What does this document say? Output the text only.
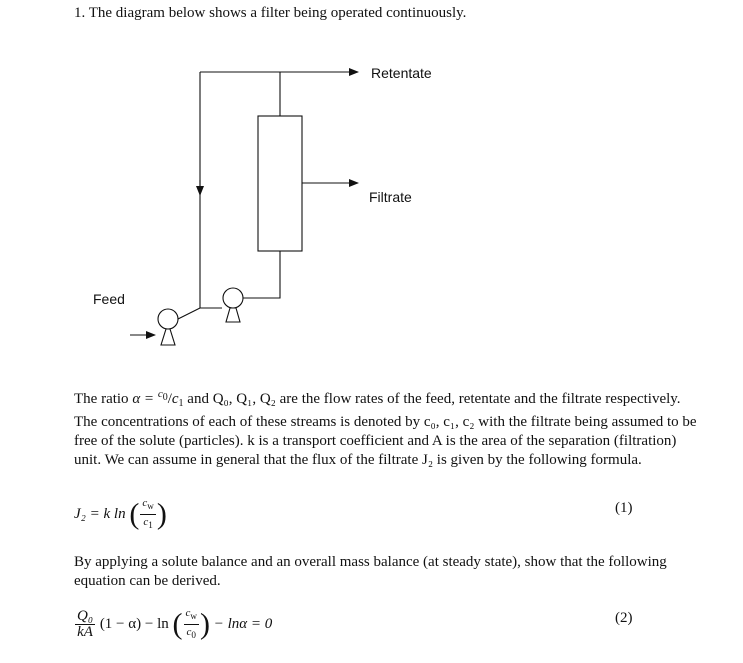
1. The diagram below shows a filter being operated continuously.
Retentate
Filtrate
Feed
The ratio $\alpha = ^{c0}/c_1$ and Q₀, Q₁, Q₂ are the flow rates of the feed, retentate and the filtrate respectively. The concentrations of each of these streams is denoted by c₀, c₁, c₂ with the filtrate being assumed to be free of the solute (particles). k is a transport coefficient and A is the area of the separation (filtration) unit. We can assume in general that the flux of the filtrate J₂ is given by the following formula.
J₂ = k ln ( $\frac{c_w}{c_1}$ )	(1)
By applying a solute balance and an overall mass balance (at steady state), show that the following equation can be derived.
$\frac{\text{Q₀}}{kA} (1 - \alpha) - \ln$ ( $\frac{c_w}{c_0}$ ) − lnα = 0	(2)
